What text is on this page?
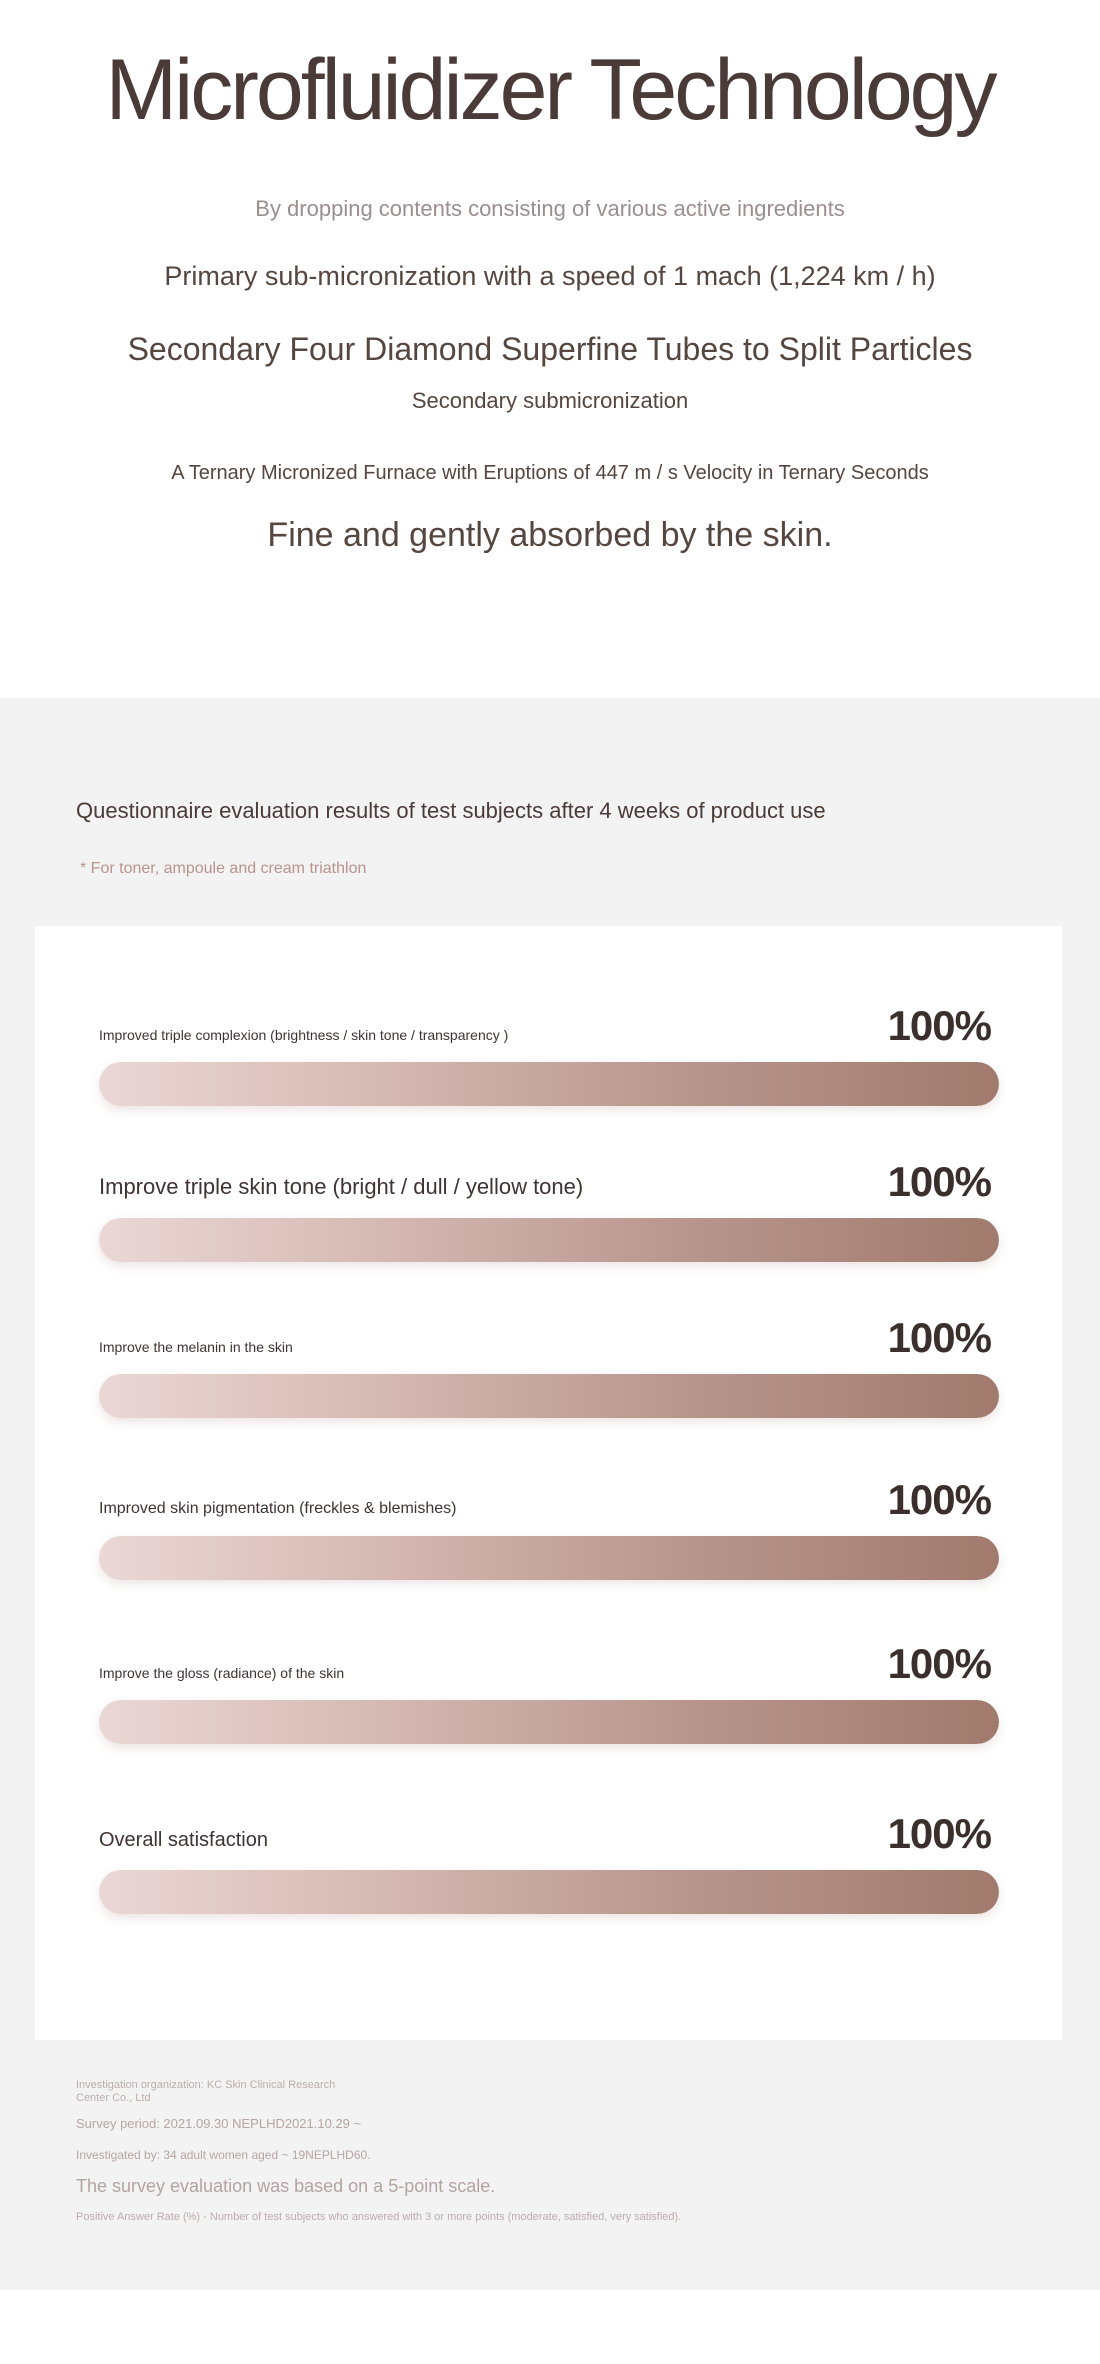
Microfluidizer Technology
By dropping contents consisting of various active ingredients
Primary sub-micronization with a speed of 1 mach (1,224 km / h)
Secondary Four Diamond Superfine Tubes to Split Particles
Secondary submicronization
A Ternary Micronized Furnace with Eruptions of 447 m / s Velocity in Ternary Seconds
Fine and gently absorbed by the skin.
Questionnaire evaluation results of test subjects after 4 weeks of product use
* For toner, ampoule and cream triathlon
Improved triple complexion (brightness / skin tone / transparency )	100%
Improve triple skin tone (bright / dull / yellow tone)	100%
Improve the melanin in the skin	100%
Improved skin pigmentation (freckles & blemishes)	100%
Improve the gloss (radiance) of the skin	100%
Overall satisfaction	100%
Investigation organization: KC Skin Clinical Research Center Co., Ltd
Survey period: 2021.09.30 NEPLHD2021.10.29 ~
Investigated by: 34 adult women aged ~ 19NEPLHD60.
The survey evaluation was based on a 5-point scale.
Positive Answer Rate (%) - Number of test subjects who answered with 3 or more points (moderate, satisfied, very satisfied).
